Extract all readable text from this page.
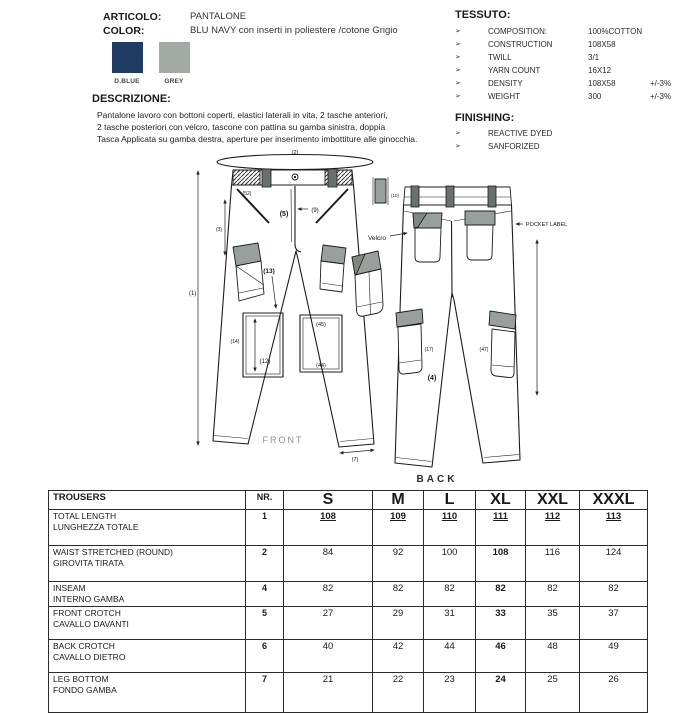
ARTICOLO:	PANTALONE
COLOR:	BLU NAVY con inserti in poliestere /cotone Grigio
D.BLUE	GREY
DESCRIZIONE:
Pantalone lavoro con bottoni coperti, elastici laterali in vita, 2 tasche anteriori,
2 tasche posteriori con velcro, tascone con pattina su gamba sinistra, doppia
Tasca Applicata su gamba destra, aperture per inserimento imbottiture alle ginocchia.
TESSUTO:
➢	COMPOSITION:	100%COTTON
➢	CONSTRUCTION	108X58
➢	TWILL	3/1
➢	YARN COUNT	16X12
➢	DENSITY	108X58	+/-3%
➢	WEIGHT	300	+/-3%
FINISHING:
➢	REACTIVE DYED
➢	SANFORIZED
(2)
(1)
(52)
(3)
(5)	(9)
(13)
(14)
(12)
(45)
(44)
(7)
(10)
Velcro
(17)	(47)
(4)
POCKET LABEL
FRONT
BACK
TROUSERS	NR.	S	M	L	XL	XXL	XXXL

TOTAL LENGTH
LUNGHEZZA TOTALE	1	108	109	110	111	112	113

WAIST STRETCHED (ROUND)
GIROVITA TIRATA	2	84	92	100	108	116	124

INSEAM
INTERNO GAMBA	4	82	82	82	82	82	82

FRONT CROTCH
CAVALLO DAVANTI	5	27	29	31	33	35	37

BACK CROTCH
CAVALLO DIETRO	6	40	42	44	46	48	49

LEG BOTTOM
FONDO GAMBA	7	21	22	23	24	25	26
